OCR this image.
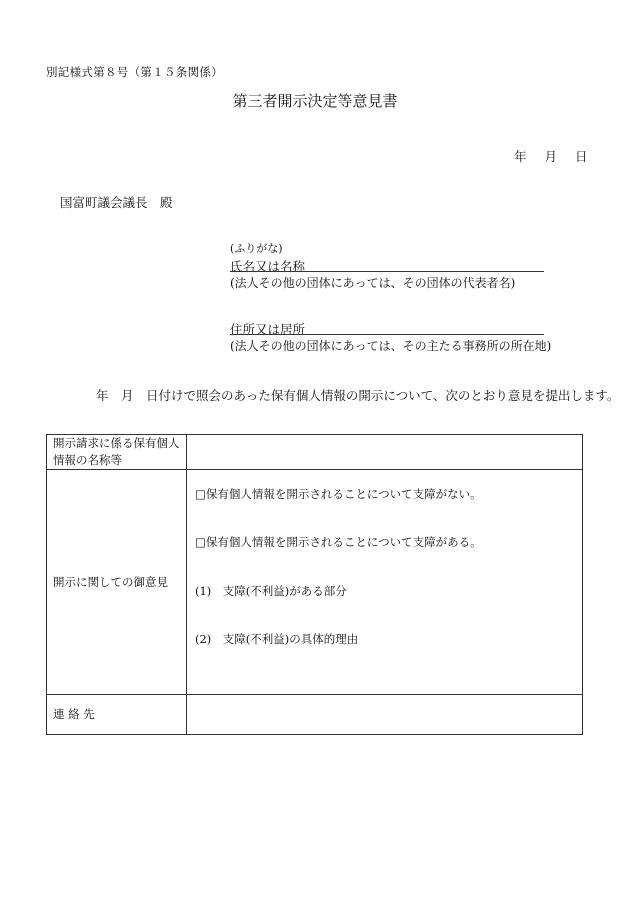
別記様式第８号（第１５条関係）
第三者開示決定等意見書
年 月 日
国富町議会議長　殿
(ふりがな)
氏名又は名称
(法人その他の団体にあっては、その団体の代表者名)
住所又は居所
(法人その他の団体にあっては、その主たる事務所の所在地)
年　月　日付けで照会のあった保有個人情報の開示について、次のとおり意見を提出します。
開示請求に係る保有個人情報の名称等	
開示に関しての御意見	□保有個人情報を開示されることについて支障がない。
□保有個人情報を開示されることについて支障がある。
(1)　支障(不利益)がある部分
(2)　支障(不利益)の具体的理由

連 絡 先	
